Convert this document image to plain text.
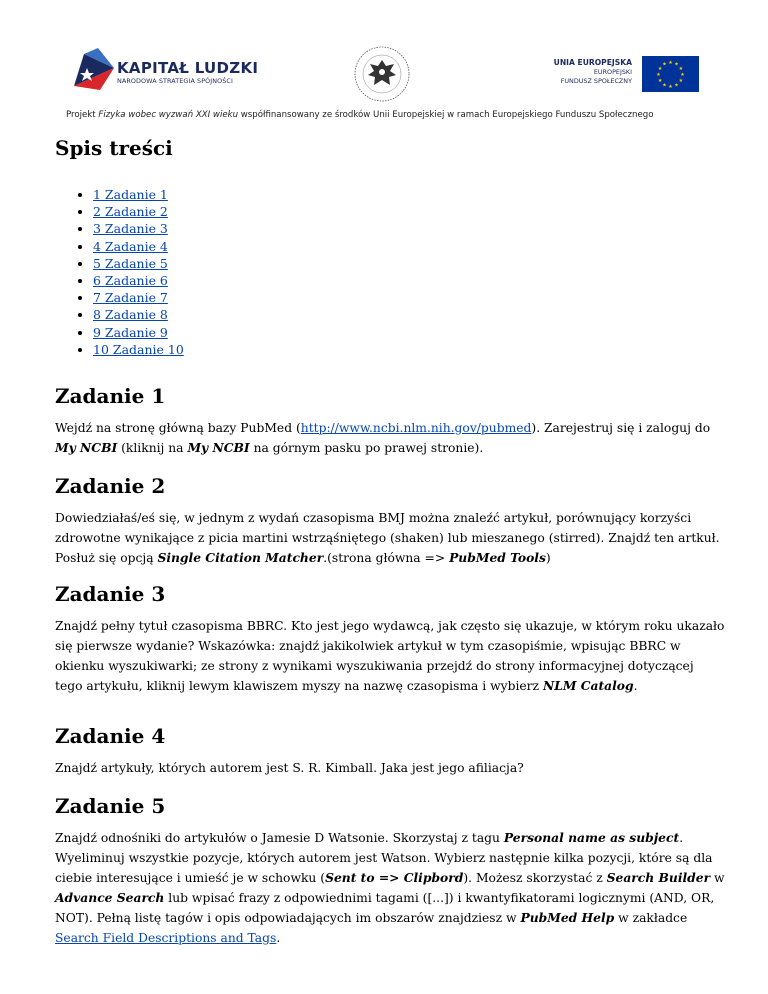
KAPITAŁ LUDZKI
NARODOWA STRATEGIA SPÓJNOŚCI
UNIA EUROPEJSKA
EUROPEJSKI
FUNDUSZ SPOŁECZNY
★ ★
★
★
★
★
★
★
★
★
★
★
Projekt Fizyka wobec wyzwań XXI wieku współfinansowany ze środków Unii Europejskiej w ramach Europejskiego Funduszu Społecznego
Spis treści
• 1 Zadanie 1
• 2 Zadanie 2
• 3 Zadanie 3
• 4 Zadanie 4
• 5 Zadanie 5
• 6 Zadanie 6
• 7 Zadanie 7
• 8 Zadanie 8
• 9 Zadanie 9
• 10 Zadanie 10
Zadanie 1

Wejdź na stronę główną bazy PubMed (http://www.ncbi.nlm.nih.gov/pubmed). Zarejestruj się i zaloguj do My NCBI (kliknij na My NCBI na górnym pasku po prawej stronie).

Zadanie 2

Dowiedziałaś/eś się, w jednym z wydań czasopisma BMJ można znaleźć artykuł, porównujący korzyści zdrowotne wynikające z picia martini wstrząśniętego (shaken) lub mieszanego (stirred). Znajdź ten artkuł. Posłuż się opcją Single Citation Matcher.(strona główna => PubMed Tools)

Zadanie 3

Znajdź pełny tytuł czasopisma BBRC. Kto jest jego wydawcą, jak często się ukazuje, w którym roku ukazało się pierwsze wydanie? Wskazówka: znajdź jakikolwiek artykuł w tym czasopiśmie, wpisując BBRC w okienku wyszukiwarki; ze strony z wynikami wyszukiwania przejdź do strony informacyjnej dotyczącej tego artykułu, kliknij lewym klawiszem myszy na nazwę czasopisma i wybierz NLM Catalog.

Zadanie 4

Znajdź artykuły, których autorem jest S. R. Kimball. Jaka jest jego afiliacja?

Zadanie 5

Znajdź odnośniki do artykułów o Jamesie D Watsonie. Skorzystaj z tagu Personal name as subject. Wyeliminuj wszystkie pozycje, których autorem jest Watson. Wybierz następnie kilka pozycji, które są dla ciebie interesujące i umieść je w schowku (Sent to => Clipbord). Możesz skorzystać z Search Builder w Advance Search lub wpisać frazy z odpowiednimi tagami ([...]) i kwantyfikatorami logicznymi (AND, OR, NOT). Pełną listę tagów i opis odpowiadających im obszarów znajdziesz w PubMed Help w zakładce Search Field Descriptions and Tags.
